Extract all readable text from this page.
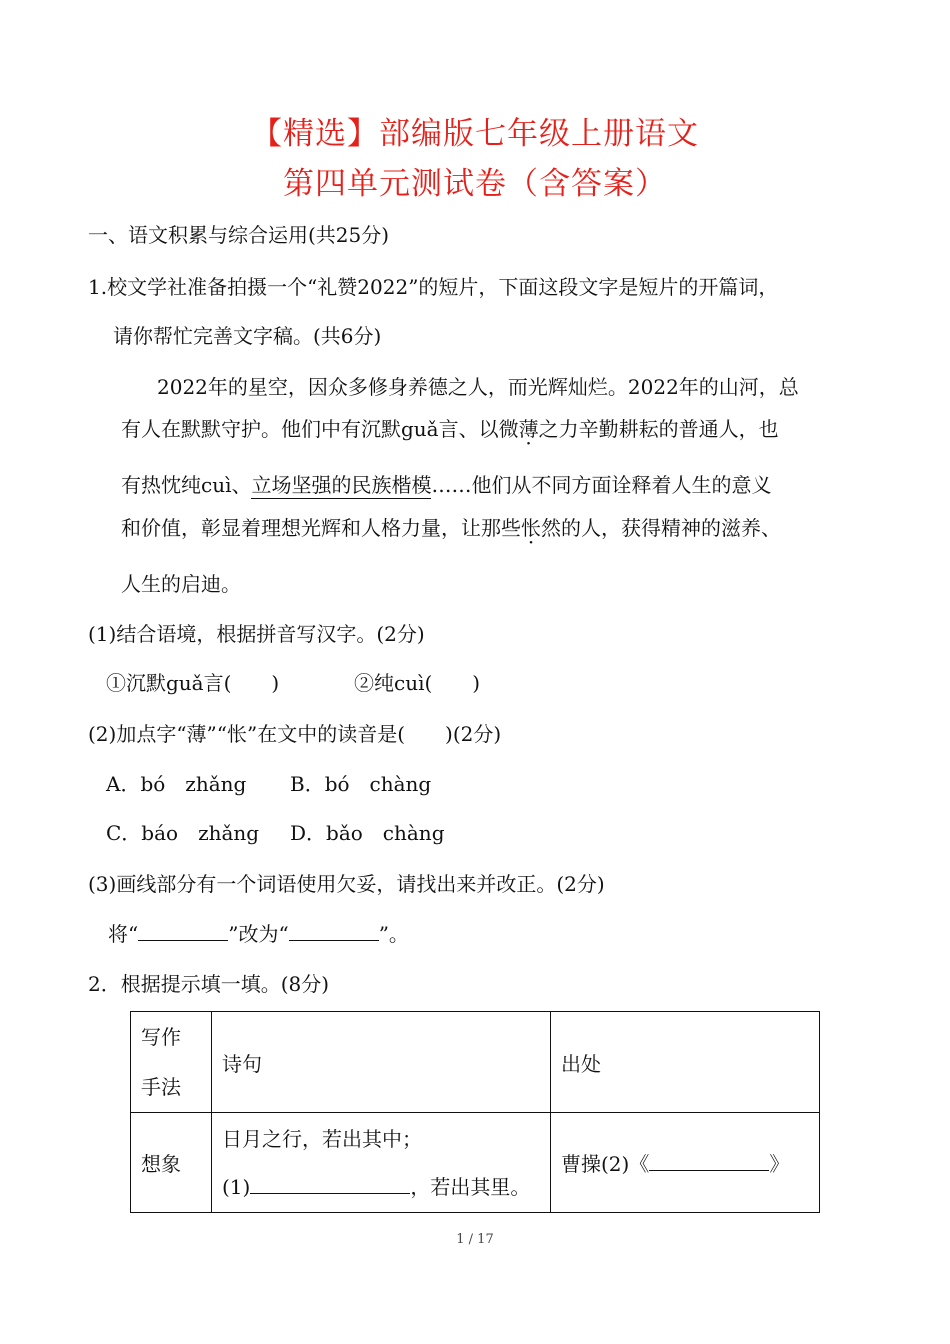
【精选】部编版七年级上册语文
第四单元测试卷（含答案）
一、语文积累与综合运用(共25分)
1.校文学社准备拍摄一个“礼赞2022”的短片，下面这段文字是短片的开篇词，
请你帮忙完善文字稿。(共6分)
2022年的星空，因众多修身养德之人，而光辉灿烂。2022年的山河，总
有人在默默守护。他们中有沉默guǎ言、以微薄之力辛勤耕耘的普通人，也
有热忱纯cuì、立场坚强的民族楷模……他们从不同方面诠释着人生的意义
和价值，彰显着理想光辉和人格力量，让那些怅然的人，获得精神的滋养、
人生的启迪。
(1)结合语境，根据拼音写汉字。(2分)
①沉默guǎ言(　　)	②纯cuì(　　)
(2)加点字“薄”“怅”在文中的读音是(　　)(2分)
A．bó　zhǎng B．bó　chàng
C．báo　zhǎng D．bǎo　chàng
(3)画线部分有一个词语使用欠妥，请找出来并改正。(2分)
将“	”改为“	”。
2．根据提示填一填。(8分)
写作
手法	诗句	出处
想象	日月之行，若出其中；
(1) ，若出其里。	曹操(2)《 》
1 / 17
